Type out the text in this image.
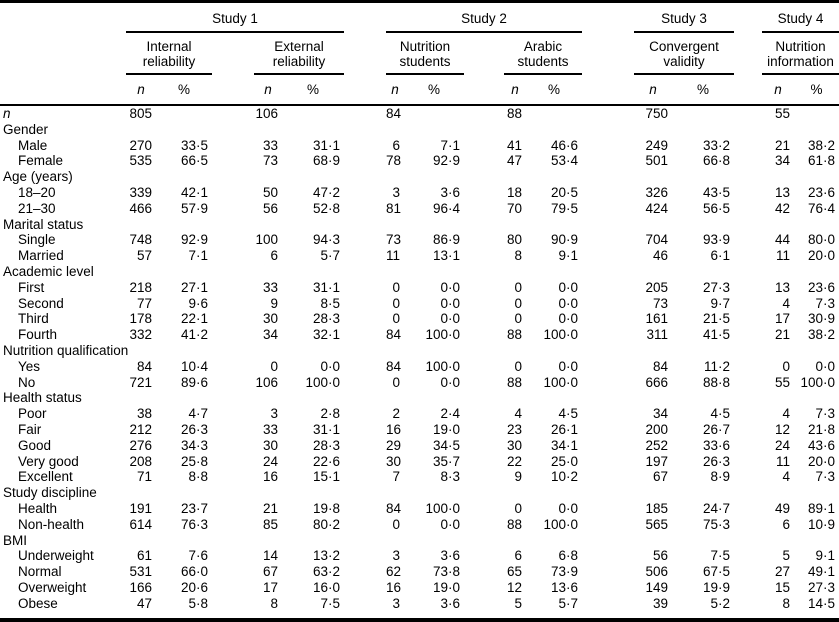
	Study 1						Study 2						Study 3			Study 4	
	Internal reliability			External reliability			Nutrition students			Arabic students			Convergent validity			Nutrition information	
	n	%		n	%		n	%		n	%		n	%		n	%
n	805			106			84			88			750			55	
Gender																	
Male	270	33·5		33	31·1		6	7·1		41	46·6		249	33·2		21	38·2
Female	535	66·5		73	68·9		78	92·9		47	53·4		501	66·8		34	61·8
Age (years)																	
18–20	339	42·1		50	47·2		3	3·6		18	20·5		326	43·5		13	23·6
21–30	466	57·9		56	52·8		81	96·4		70	79·5		424	56·5		42	76·4
Marital status																	
Single	748	92·9		100	94·3		73	86·9		80	90·9		704	93·9		44	80·0
Married	57	7·1		6	5·7		11	13·1		8	9·1		46	6·1		11	20·0
Academic level																	
First	218	27·1		33	31·1		0	0·0		0	0·0		205	27·3		13	23·6
Second	77	9·6		9	8·5		0	0·0		0	0·0		73	9·7		4	7·3
Third	178	22·1		30	28·3		0	0·0		0	0·0		161	21·5		17	30·9
Fourth	332	41·2		34	32·1		84	100·0		88	100·0		311	41·5		21	38·2
Nutrition qualification																	
Yes	84	10·4		0	0·0		84	100·0		0	0·0		84	11·2		0	0·0
No	721	89·6		106	100·0		0	0·0		88	100·0		666	88·8		55	100·0
Health status																	
Poor	38	4·7		3	2·8		2	2·4		4	4·5		34	4·5		4	7·3
Fair	212	26·3		33	31·1		16	19·0		23	26·1		200	26·7		12	21·8
Good	276	34·3		30	28·3		29	34·5		30	34·1		252	33·6		24	43·6
Very good	208	25·8		24	22·6		30	35·7		22	25·0		197	26·3		11	20·0
Excellent	71	8·8		16	15·1		7	8·3		9	10·2		67	8·9		4	7·3
Study discipline																	
Health	191	23·7		21	19·8		84	100·0		0	0·0		185	24·7		49	89·1
Non-health	614	76·3		85	80·2		0	0·0		88	100·0		565	75·3		6	10·9
BMI																	
Underweight	61	7·6		14	13·2		3	3·6		6	6·8		56	7·5		5	9·1
Normal	531	66·0		67	63·2		62	73·8		65	73·9		506	67·5		27	49·1
Overweight	166	20·6		17	16·0		16	19·0		12	13·6		149	19·9		15	27·3
Obese	47	5·8		8	7·5		3	3·6		5	5·7		39	5·2		8	14·5
